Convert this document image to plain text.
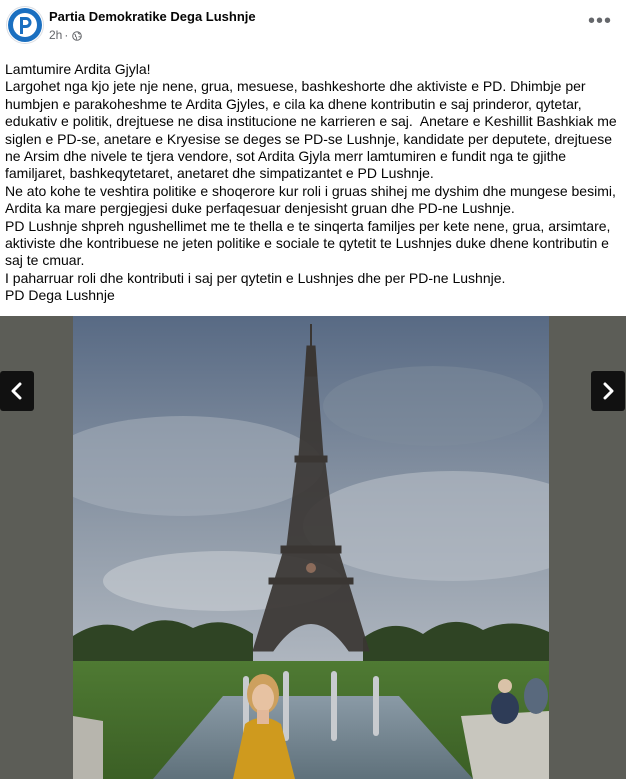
Partia Demokratike Dega Lushnje
2h ·
•••

Lamtumire Ardita Gjyla!

Largohet nga kjo jete nje nene, grua, mesuese, bashkeshorte dhe aktiviste e PD. Dhimbje per humbjen e parakoheshme te Ardita Gjyles, e cila ka dhene kontributin e saj prinderor, qytetar, edukativ e politik, drejtuese ne disa institucione ne karrieren e saj.  Anetare e Keshillit Bashkiak me siglen e PD-se, anetare e Kryesise se deges se PD-se Lushnje, kandidate per deputete, drejtuese ne Arsim dhe nivele te tjera vendore, sot Ardita Gjyla merr lamtumiren e fundit nga te gjithe familjaret, bashkeqytetaret, anetaret dhe simpatizantet e PD Lushnje.

Ne ato kohe te veshtira politike e shoqerore kur roli i gruas shihej me dyshim dhe mungese besimi, Ardita ka mare pergjegjesi duke perfaqesuar denjesisht gruan dhe PD-ne Lushnje.

PD Lushnje shpreh ngushellimet me te thella e te sinqerta familjes per kete nene, grua, arsimtare, aktiviste dhe kontribuese ne jeten politike e sociale te qytetit te Lushnjes duke dhene kontributin e saj te cmuar.

I paharruar roli dhe kontributi i saj per qytetin e Lushnjes dhe per PD-ne Lushnje.

PD Dega Lushnje
